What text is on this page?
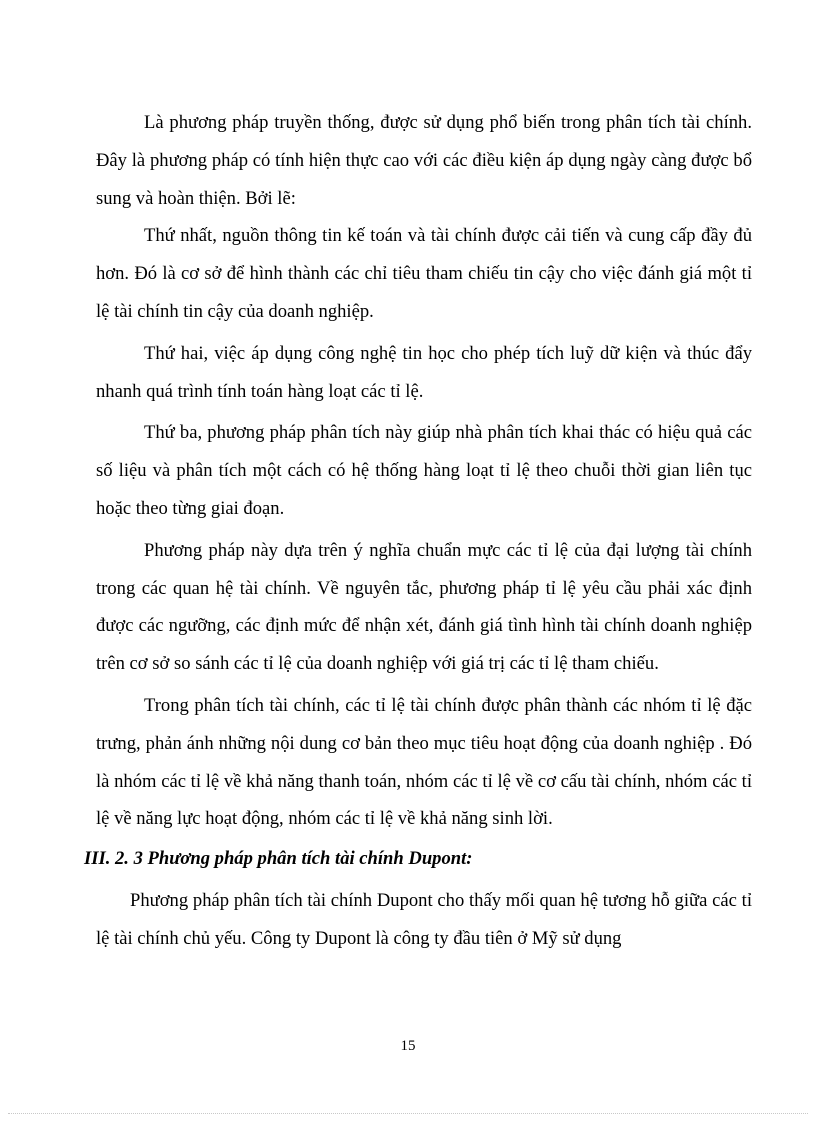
Là phương pháp truyền thống, được sử dụng phổ biến trong phân tích tài chính. Đây là phương pháp có tính hiện thực cao với các điều kiện áp dụng ngày càng được bổ sung và hoàn thiện. Bởi lẽ:

Thứ nhất, nguồn thông tin kế toán và tài chính được cải tiến và cung cấp đầy đủ hơn. Đó là cơ sở để hình thành các chỉ tiêu tham chiếu tin cậy cho việc đánh giá một tỉ lệ tài chính tin cậy của doanh nghiệp.

Thứ hai, việc áp dụng công nghệ tin học cho phép tích luỹ dữ kiện và thúc đẩy nhanh quá trình tính toán hàng loạt các tỉ lệ.

Thứ ba, phương pháp phân tích này giúp nhà phân tích khai thác có hiệu quả các số liệu và phân tích một cách có hệ thống hàng loạt tỉ lệ theo chuỗi thời gian liên tục hoặc theo từng giai đoạn.

Phương pháp này dựa trên ý nghĩa chuẩn mực các tỉ lệ của đại lượng tài chính trong các quan hệ tài chính. Về nguyên tắc, phương pháp tỉ lệ yêu cầu phải xác định được các ngưỡng, các định mức để nhận xét, đánh giá tình hình tài chính doanh nghiệp trên cơ sở so sánh các tỉ lệ của doanh nghiệp với giá trị các tỉ lệ tham chiếu.

Trong phân tích tài chính, các tỉ lệ tài chính được phân thành các nhóm tỉ lệ đặc trưng, phản ánh những nội dung cơ bản theo mục tiêu hoạt động của doanh nghiệp . Đó là nhóm các tỉ lệ về khả năng thanh toán, nhóm các tỉ lệ về cơ cấu tài chính, nhóm các tỉ lệ về năng lực hoạt động, nhóm các tỉ lệ về khả năng sinh lời.

III. 2. 3 Phương pháp phân tích tài chính Dupont:

Phương pháp phân tích tài chính Dupont cho thấy mối quan hệ tương hỗ giữa các tỉ lệ tài chính chủ yếu. Công ty Dupont là công ty đầu tiên ở Mỹ sử dụng

15
